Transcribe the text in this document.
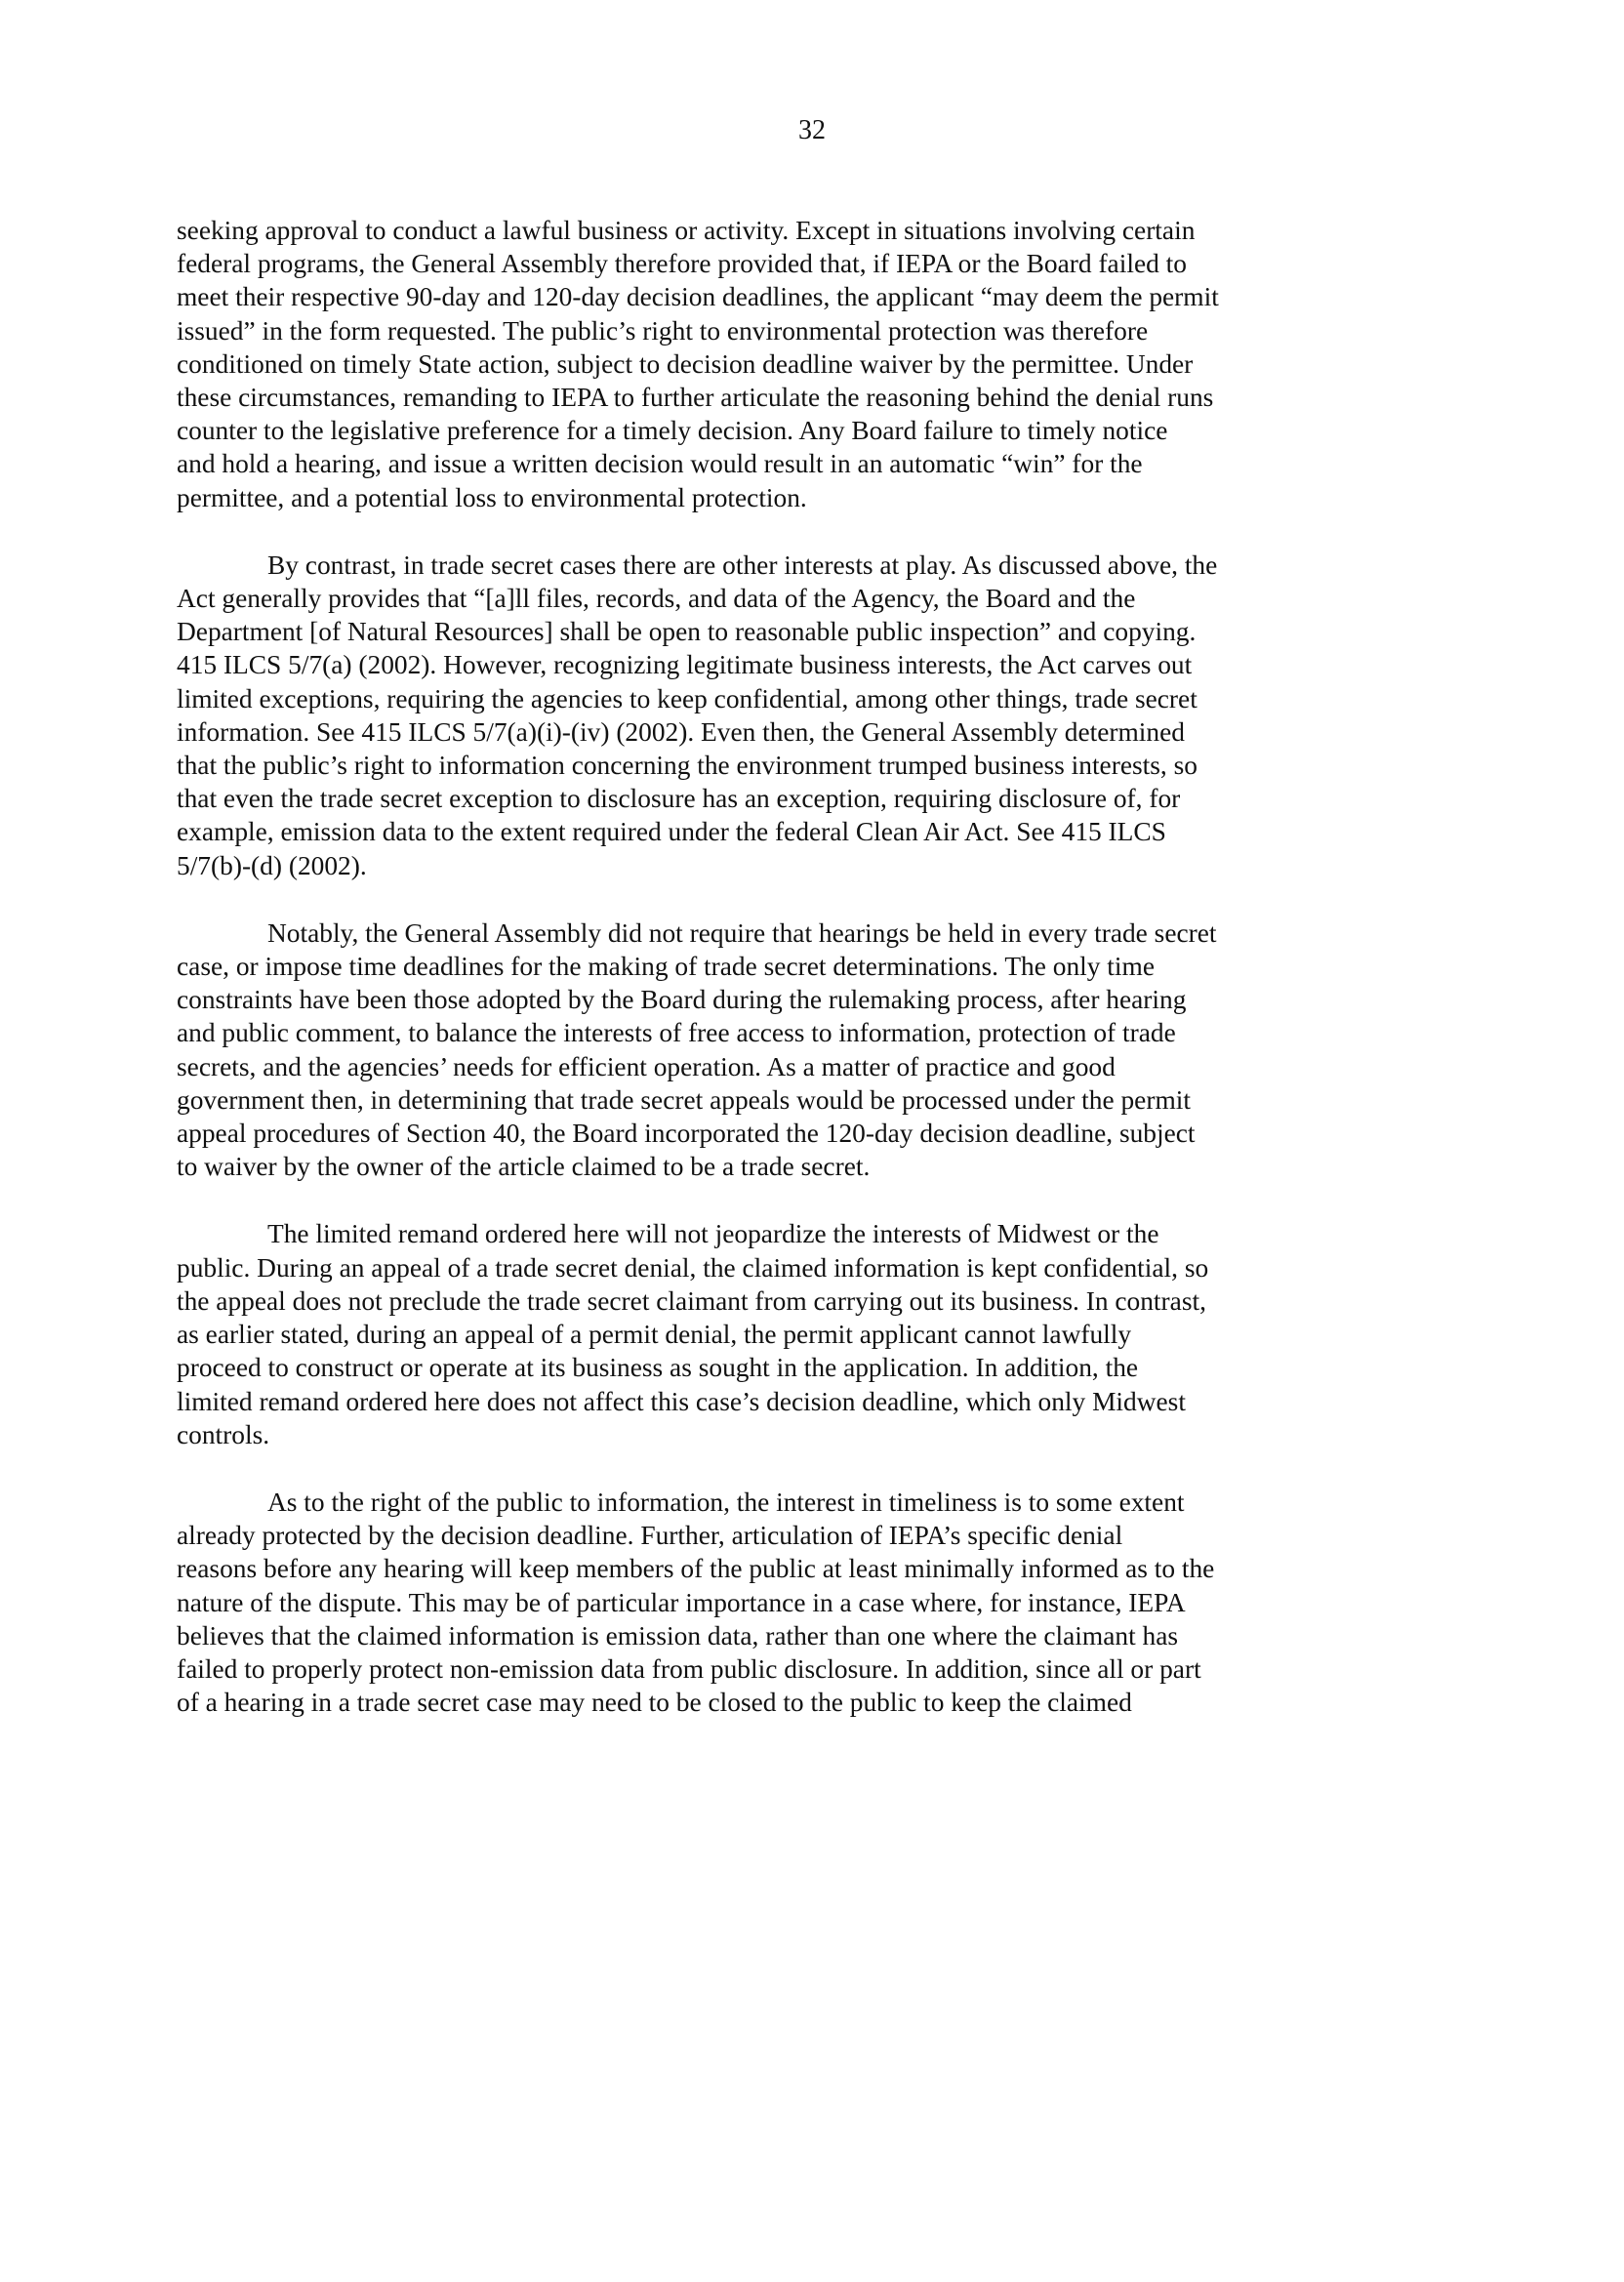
32

seeking approval to conduct a lawful business or activity. Except in situations involving certain
federal programs, the General Assembly therefore provided that, if IEPA or the Board failed to
meet their respective 90-day and 120-day decision deadlines, the applicant “may deem the permit
issued” in the form requested. The public’s right to environmental protection was therefore
conditioned on timely State action, subject to decision deadline waiver by the permittee. Under
these circumstances, remanding to IEPA to further articulate the reasoning behind the denial runs
counter to the legislative preference for a timely decision. Any Board failure to timely notice
and hold a hearing, and issue a written decision would result in an automatic “win” for the
permittee, and a potential loss to environmental protection.

By contrast, in trade secret cases there are other interests at play. As discussed above, the
Act generally provides that “[a]ll files, records, and data of the Agency, the Board and the
Department [of Natural Resources] shall be open to reasonable public inspection” and copying.
415 ILCS 5/7(a) (2002). However, recognizing legitimate business interests, the Act carves out
limited exceptions, requiring the agencies to keep confidential, among other things, trade secret
information. See 415 ILCS 5/7(a)(i)-(iv) (2002). Even then, the General Assembly determined
that the public’s right to information concerning the environment trumped business interests, so
that even the trade secret exception to disclosure has an exception, requiring disclosure of, for
example, emission data to the extent required under the federal Clean Air Act. See 415 ILCS
5/7(b)-(d) (2002).

Notably, the General Assembly did not require that hearings be held in every trade secret
case, or impose time deadlines for the making of trade secret determinations. The only time
constraints have been those adopted by the Board during the rulemaking process, after hearing
and public comment, to balance the interests of free access to information, protection of trade
secrets, and the agencies’ needs for efficient operation. As a matter of practice and good
government then, in determining that trade secret appeals would be processed under the permit
appeal procedures of Section 40, the Board incorporated the 120-day decision deadline, subject
to waiver by the owner of the article claimed to be a trade secret.

The limited remand ordered here will not jeopardize the interests of Midwest or the
public. During an appeal of a trade secret denial, the claimed information is kept confidential, so
the appeal does not preclude the trade secret claimant from carrying out its business. In contrast,
as earlier stated, during an appeal of a permit denial, the permit applicant cannot lawfully
proceed to construct or operate at its business as sought in the application. In addition, the
limited remand ordered here does not affect this case’s decision deadline, which only Midwest
controls.

As to the right of the public to information, the interest in timeliness is to some extent
already protected by the decision deadline. Further, articulation of IEPA’s specific denial
reasons before any hearing will keep members of the public at least minimally informed as to the
nature of the dispute. This may be of particular importance in a case where, for instance, IEPA
believes that the claimed information is emission data, rather than one where the claimant has
failed to properly protect non-emission data from public disclosure. In addition, since all or part
of a hearing in a trade secret case may need to be closed to the public to keep the claimed
